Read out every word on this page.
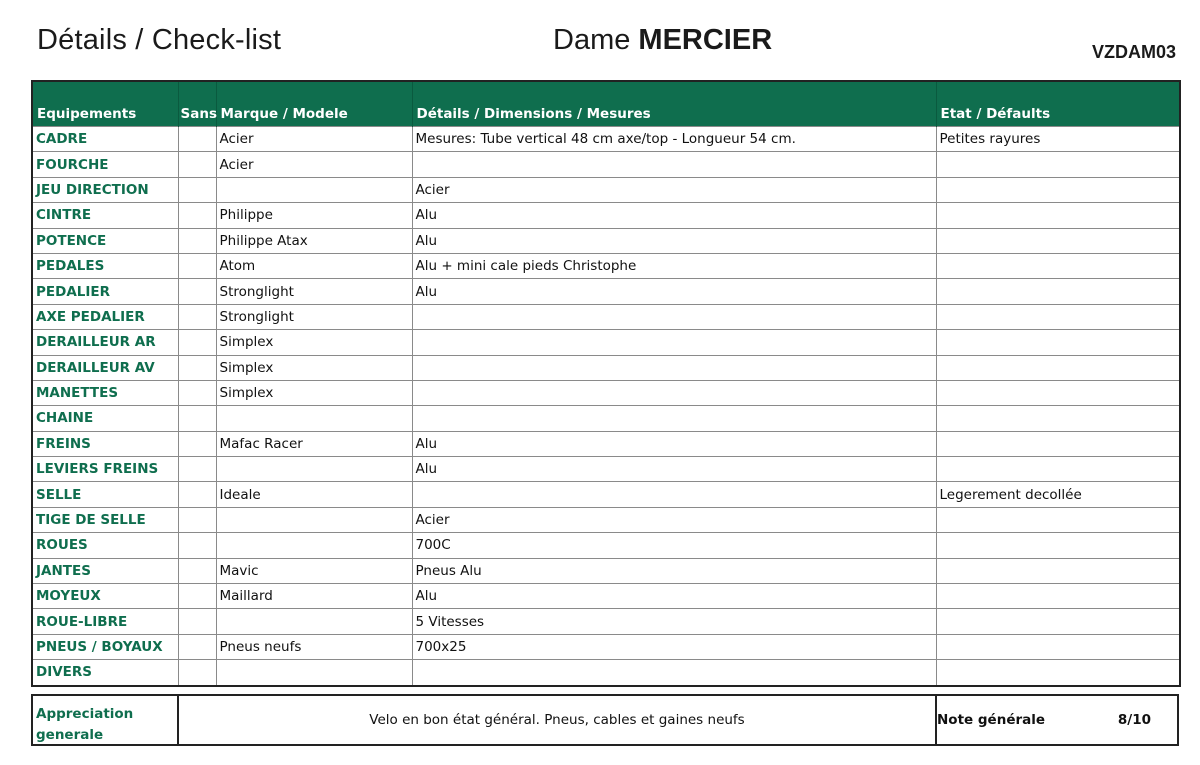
Détails / Check-list	Dame MERCIER	VZDAM03
Equipements	Sans	Marque / Modele	Détails / Dimensions / Mesures	Etat / Défaults
CADRE		Acier	Mesures: Tube vertical 48 cm axe/top - Longueur 54 cm.	Petites rayures
FOURCHE		Acier		
JEU DIRECTION			Acier	
CINTRE		Philippe	Alu	
POTENCE		Philippe Atax	Alu	
PEDALES		Atom	Alu + mini cale pieds Christophe	
PEDALIER		Stronglight	Alu	
AXE PEDALIER		Stronglight		
DERAILLEUR AR		Simplex		
DERAILLEUR AV		Simplex		
MANETTES		Simplex		
CHAINE				
FREINS		Mafac Racer	Alu	
LEVIERS FREINS			Alu	
SELLE		Ideale		Legerement decollée
TIGE DE SELLE			Acier	
ROUES			700C	
JANTES		Mavic	Pneus Alu	
MOYEUX		Maillard	Alu	
ROUE-LIBRE			5 Vitesses	
PNEUS / BOYAUX		Pneus neufs	700x25	
DIVERS				
Appreciation
generale
Velo en bon état général. Pneus, cables et gaines neufs	Note générale	8/10
